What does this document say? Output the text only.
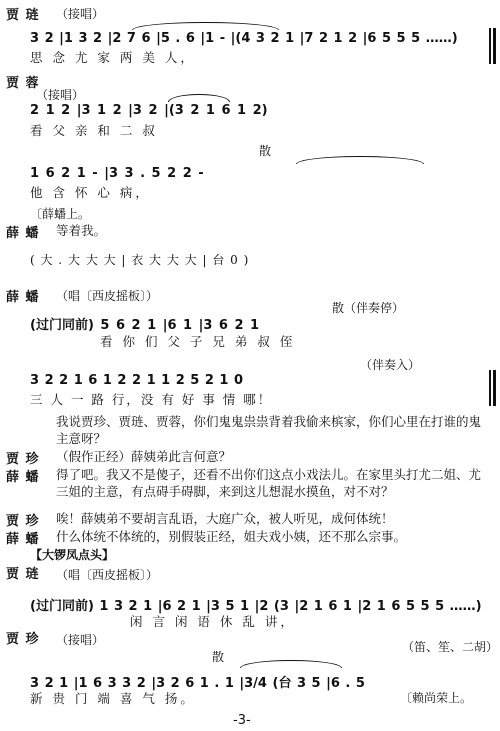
贾 琏 （接唱）
3 2 |1 3 2 |2 7 6 |5 . 6 |1 - |(4 3 2 1 |7 2 1 2 |6 5 5 5 ……)
思 念 尤 家 两 美 人，
贾 蓉
（接唱）
2 1 2 |3 1 2 |3 2 |(3 2 1 6 1 2)
看 父 亲 和 二 叔
散
1 6 2 1 - |3 3 . 5 2 2 -
他 含 怀 心 病，
〔薛蟠上。
薛 蟠 等着我。
( 大 . 大 大 大 | 衣 大 大 大 | 台 0 )
薛 蟠 （唱〔西皮摇板〕）
散（伴奏停）
(过门同前) 5 6 2 1 |6 1 |3 6 2 1
看 你 们 父 子 兄 弟 叔 侄
（伴奏入）
3 2 2 1 6 1 2 2 1 1 2 5 2 1 0
三 人 一 路 行，没 有 好 事 情 哪！
我说贾珍、贾琏、贾蓉，你们鬼鬼祟祟背着我偷来槟家，你们心里在打谁的鬼主意呀？
贾 珍 （假作正经）薛姨弟此言何意？
薛 蟠 得了吧。我又不是傻子，还看不出你们这点小戏法儿。在家里头打尤二姐、尤三姐的主意，有点碍手碍脚，来到这儿想混水摸鱼，对不对？
贾 珍 唉！薛姨弟不要胡言乱语，大庭广众，被人听见，成何体统！
薛 蟠 什么体统不体统的，别假装正经，姐夫戏小姨，还不那么宗事。
【大锣凤点头】
贾 琏 （唱〔西皮摇板〕）
(过门同前) 1 3 2 1 |6 2 1 |3 5 1 |2 (3 |2 1 6 1 |2 1 6 5 5 5 ……)
闲 言 闲 语 休 乱 讲，
贾 珍 （接唱）
散
（笛、笙、二胡）
3 2 1 |1 6 3 3 2 |3 2 6 1 . 1 |3/4 (台 3 5 |6 . 5
新 贵 门 端 喜 气 扬。	〔赖尚荣上。
-3-
